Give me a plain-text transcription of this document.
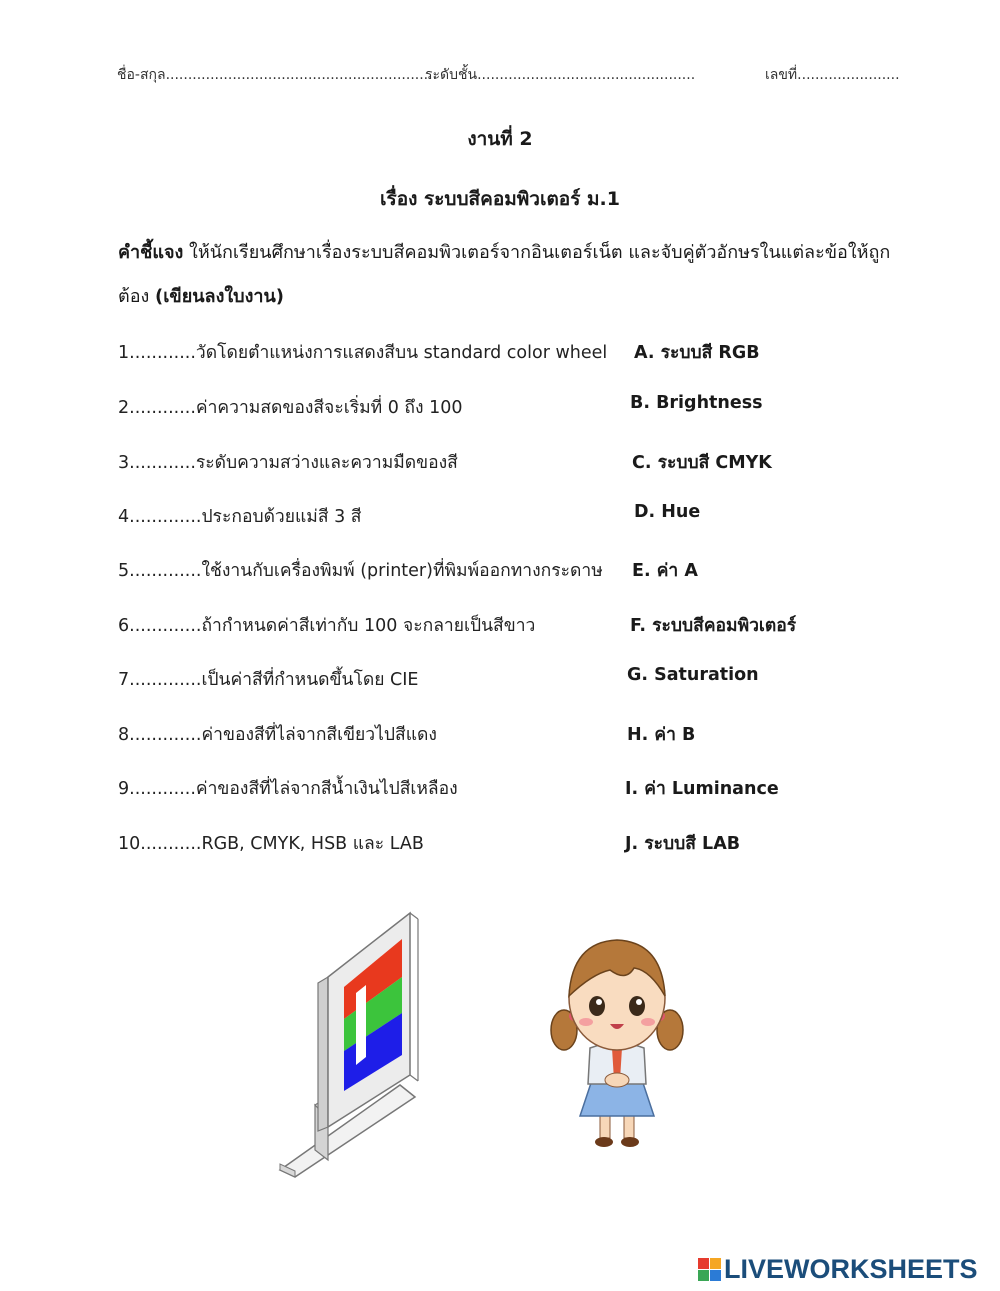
ชื่อ-สกุล.............................................................
ระดับชั้น.................................................	เลขที่.......................
งานที่ 2
เรื่อง ระบบสีคอมพิวเตอร์ ม.1
คำชี้แจง ให้นักเรียนศึกษาเรื่องระบบสีคอมพิวเตอร์จากอินเตอร์เน็ต และจับคู่ตัวอักษรในแต่ละข้อให้ถูกต้อง (เขียนลงใบงาน)
1............วัดโดยตำแหน่งการแสดงสีบน standard color wheel
2............ค่าความสดของสีจะเริ่มที่ 0 ถึง 100
3............ระดับความสว่างและความมืดของสี
4.............ประกอบด้วยแม่สี 3 สี
5.............ใช้งานกับเครื่องพิมพ์ (printer)ที่พิมพ์ออกทางกระดาษ
6.............ถ้ากำหนดค่าสีเท่ากับ 100 จะกลายเป็นสีขาว
7.............เป็นค่าสีที่กำหนดขึ้นโดย CIE
8.............ค่าของสีที่ไล่จากสีเขียวไปสีแดง
9............ค่าของสีที่ไล่จากสีน้ำเงินไปสีเหลือง
10...........RGB, CMYK, HSB และ LAB
A. ระบบสี RGB
B. Brightness
C. ระบบสี CMYK
D. Hue
E. ค่า A
F. ระบบสีคอมพิวเตอร์
G. Saturation
H. ค่า B
I. ค่า Luminance
J. ระบบสี LAB
LIVEWORKSHEETS
